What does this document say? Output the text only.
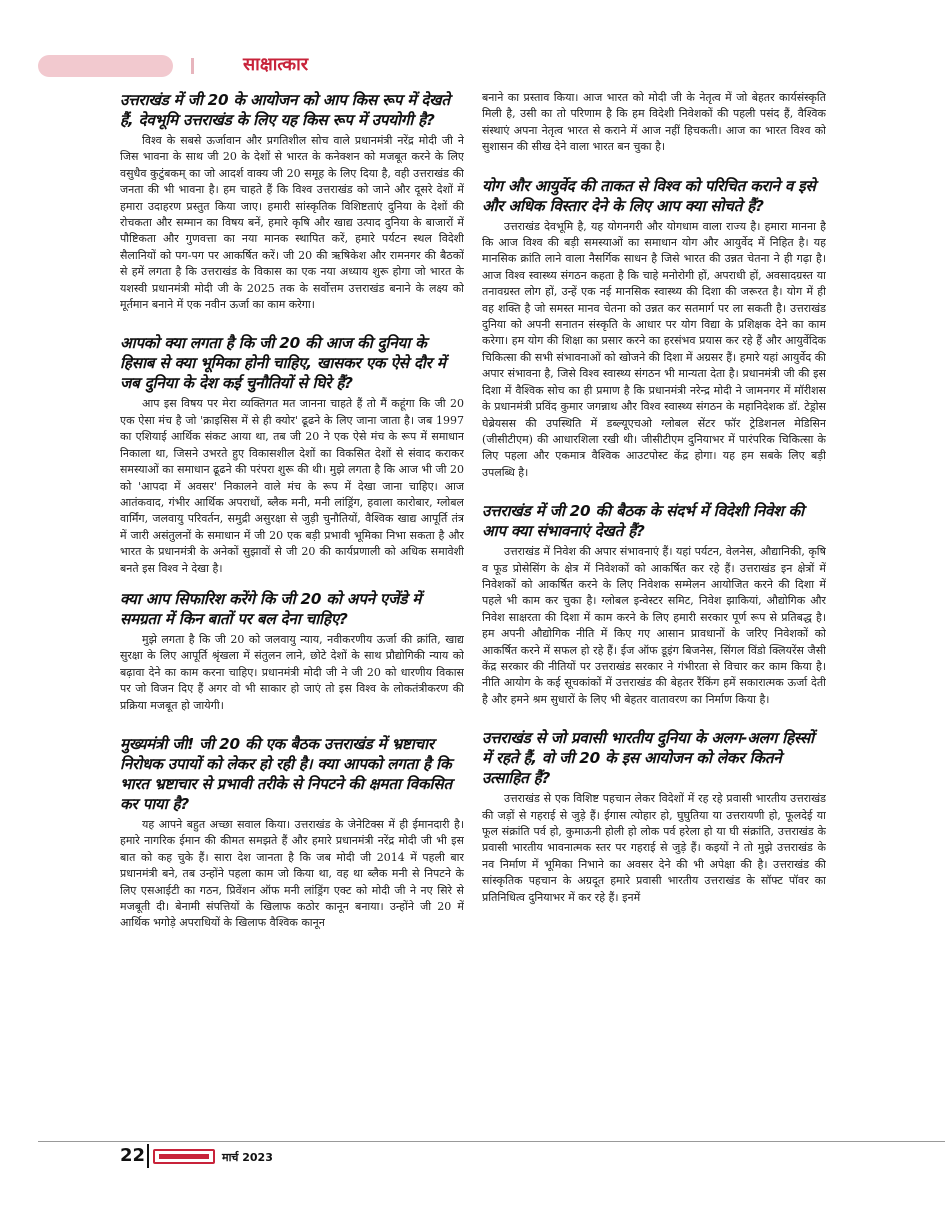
साक्षात्कार
उत्तराखंड में जी 20 के आयोजन को आप किस रूप में देखते हैं, देवभूमि उत्तराखंड के लिए यह किस रूप में उपयोगी है?
विश्व के सबसे ऊर्जावान और प्रगतिशील सोच वाले प्रधानमंत्री नरेंद्र मोदी जी ने जिस भावना के साथ जी 20 के देशों से भारत के कनेक्शन को मजबूत करने के लिए वसुधैव कुटुंबकम् का जो आदर्श वाक्य जी 20 समूह के लिए दिया है, वही उत्तराखंड की जनता की भी भावना है। हम चाहते हैं कि विश्व उत्तराखंड को जाने और दूसरे देशों में हमारा उदाहरण प्रस्तुत किया जाए। हमारी सांस्कृतिक विशिष्टताएं दुनिया के देशों की रोचकता और सम्मान का विषय बनें, हमारे कृषि और खाद्य उत्पाद दुनिया के बाजारों में पौष्टिकता और गुणवत्ता का नया मानक स्थापित करें, हमारे पर्यटन स्थल विदेशी सैलानियों को पग-पग पर आकर्षित करें। जी 20 की ऋषिकेश और रामनगर की बैठकों से हमें लगता है कि उत्तराखंड के विकास का एक नया अध्याय शुरू होगा जो भारत के यशस्वी प्रधानमंत्री मोदी जी के 2025 तक के सर्वोत्तम उत्तराखंड बनाने के लक्ष्य को मूर्तमान बनाने में एक नवीन ऊर्जा का काम करेगा।
आपको क्या लगता है कि जी 20 की आज की दुनिया के हिसाब से क्या भूमिका होनी चाहिए, खासकर एक ऐसे दौर में जब दुनिया के देश कई चुनौतियों से घिरे हैं?
आप इस विषय पर मेरा व्यक्तिगत मत जानना चाहते हैं तो मैं कहूंगा कि जी 20 एक ऐसा मंच है जो 'क्राइसिस में से ही क्योर' ढूढने के लिए जाना जाता है। जब 1997 का एशियाई आर्थिक संकट आया था, तब जी 20 ने एक ऐसे मंच के रूप में समाधान निकाला था, जिसने उभरते हुए विकासशील देशों का विकसित देशों से संवाद कराकर समस्याओं का समाधान ढूढने की परंपरा शुरू की थी। मुझे लगता है कि आज भी जी 20 को 'आपदा में अवसर' निकालने वाले मंच के रूप में देखा जाना चाहिए। आज आतंकवाद, गंभीर आर्थिक अपराधों, ब्लैक मनी, मनी लांड्रिंग, हवाला कारोबार, ग्लोबल वार्मिंग, जलवायु परिवर्तन, समुद्री असुरक्षा से जुड़ी चुनौतियों, वैश्विक खाद्य आपूर्ति तंत्र में जारी असंतुलनों के समाधान में जी 20 एक बड़ी प्रभावी भूमिका निभा सकता है और भारत के प्रधानमंत्री के अनेकों सुझावों से जी 20 की कार्यप्रणाली को अधिक समावेशी बनते इस विश्व ने देखा है।
क्या आप सिफारिश करेंगे कि जी 20 को अपने एजेंडे में समग्रता में किन बातों पर बल देना चाहिए?
मुझे लगता है कि जी 20 को जलवायु न्याय, नवीकरणीय ऊर्जा की क्रांति, खाद्य सुरक्षा के लिए आपूर्ति श्रृंखला में संतुलन लाने, छोटे देशों के साथ प्रौद्योगिकी न्याय को बढ़ावा देने का काम करना चाहिए। प्रधानमंत्री मोदी जी ने जी 20 को धारणीय विकास पर जो विजन दिए हैं अगर वो भी साकार हो जाएं तो इस विश्व के लोकतंत्रीकरण की प्रक्रिया मजबूत हो जायेगी।
मुख्यमंत्री जी! जी 20 की एक बैठक उत्तराखंड में भ्रष्टाचार निरोधक उपायों को लेकर हो रही है। क्या आपको लगता है कि भारत भ्रष्टाचार से प्रभावी तरीके से निपटने की क्षमता विकसित कर पाया है?
यह आपने बहुत अच्छा सवाल किया। उत्तराखंड के जेनेटिक्स में ही ईमानदारी है। हमारे नागरिक ईमान की कीमत समझते हैं और हमारे प्रधानमंत्री नरेंद्र मोदी जी भी इस बात को कह चुके हैं। सारा देश जानता है कि जब मोदी जी 2014 में पहली बार प्रधानमंत्री बने, तब उन्होंने पहला काम जो किया था, वह था ब्लैक मनी से निपटने के लिए एसआईटी का गठन, प्रिवेंशन ऑफ मनी लांड्रिंग एक्ट को मोदी जी ने नए सिरे से मजबूती दी। बेनामी संपत्तियों के खिलाफ कठोर कानून बनाया। उन्होंने जी 20 में आर्थिक भगोड़े अपराधियों के खिलाफ वैश्विक कानून
बनाने का प्रस्ताव किया। आज भारत को मोदी जी के नेतृत्व में जो बेहतर कार्यसंस्कृति मिली है, उसी का तो परिणाम है कि हम विदेशी निवेशकों की पहली पसंद हैं, वैश्विक संस्थाएं अपना नेतृत्व भारत से कराने में आज नहीं हिचकती। आज का भारत विश्व को सुशासन की सीख देने वाला भारत बन चुका है।
योग और आयुर्वेद की ताकत से विश्व को परिचित कराने व इसे और अधिक विस्तार देने के लिए आप क्या सोचते हैं?
उत्तराखंड देवभूमि है, यह योगनगरी और योगधाम वाला राज्य है। हमारा मानना है कि आज विश्व की बड़ी समस्याओं का समाधान योग और आयुर्वेद में निहित है। यह मानसिक क्रांति लाने वाला नैसर्गिक साधन है जिसे भारत की उन्नत चेतना ने ही गढ़ा है। आज विश्व स्वास्थ्य संगठन कहता है कि चाहे मनोरोगी हों, अपराधी हों, अवसादग्रस्त या तनावग्रस्त लोग हों, उन्हें एक नई मानसिक स्वास्थ्य की दिशा की जरूरत है। योग में ही वह शक्ति है जो समस्त मानव चेतना को उन्नत कर सतमार्ग पर ला सकती है। उत्तराखंड दुनिया को अपनी सनातन संस्कृति के आधार पर योग विद्या के प्रशिक्षक देने का काम करेगा। हम योग की शिक्षा का प्रसार करने का हरसंभव प्रयास कर रहे हैं और आयुर्वेदिक चिकित्सा की सभी संभावनाओं को खोजने की दिशा में अग्रसर हैं। हमारे यहां आयुर्वेद की अपार संभावना है, जिसे विश्व स्वास्थ्य संगठन भी मान्यता देता है। प्रधानमंत्री जी की इस दिशा में वैश्विक सोच का ही प्रमाण है कि प्रधानमंत्री नरेन्द्र मोदी ने जामनगर में मॉरीशस के प्रधानमंत्री प्रविंद कुमार जगन्नाथ और विश्व स्वास्थ्य संगठन के महानिदेशक डॉ. टेड्रोस घेब्रेयसस की उपस्थिति में डब्ल्यूएचओ ग्लोबल सेंटर फॉर ट्रेडिशनल मेडिसिन (जीसीटीएम) की आधारशिला रखी थी। जीसीटीएम दुनियाभर में पारंपरिक चिकित्सा के लिए पहला और एकमात्र वैश्विक आउटपोस्ट केंद्र होगा। यह हम सबके लिए बड़ी उपलब्धि है।
उत्तराखंड में जी 20 की बैठक के संदर्भ में विदेशी निवेश की आप क्या संभावनाएं देखते हैं?
उत्तराखंड में निवेश की अपार संभावनाएं हैं। यहां पर्यटन, वेलनेस, औद्यानिकी, कृषि व फूड प्रोसेसिंग के क्षेत्र में निवेशकों को आकर्षित कर रहे हैं। उत्तराखंड इन क्षेत्रों में निवेशकों को आकर्षित करने के लिए निवेशक सम्मेलन आयोजित करने की दिशा में पहले भी काम कर चुका है। ग्लोबल इन्वेस्टर समिट, निवेश झाकियां, औद्योगिक और निवेश साक्षरता की दिशा में काम करने के लिए हमारी सरकार पूर्ण रूप से प्रतिबद्ध है। हम अपनी औद्योगिक नीति में किए गए आसान प्रावधानों के जरिए निवेशकों को आकर्षित करने में सफल हो रहे हैं। ईज ऑफ डूइंग बिजनेस, सिंगल विंडो क्लियरेंस जैसी केंद्र सरकार की नीतियों पर उत्तराखंड सरकार ने गंभीरता से विचार कर काम किया है। नीति आयोग के कई सूचकांकों में उत्तराखंड की बेहतर रैंकिंग हमें सकारात्मक ऊर्जा देती है और हमने श्रम सुधारों के लिए भी बेहतर वातावरण का निर्माण किया है।
उत्तराखंड से जो प्रवासी भारतीय दुनिया के अलग-अलग हिस्सों में रहते हैं, वो जी 20 के इस आयोजन को लेकर कितने उत्साहित हैं?
उत्तराखंड से एक विशिष्ट पहचान लेकर विदेशों में रह रहे प्रवासी भारतीय उत्तराखंड की जड़ों से गहराई से जुड़े हैं। ईगास त्योहार हो, घुघुतिया या उत्तरायणी हो, फूलदेई या फूल संक्रांति पर्व हो, कुमाऊनी होली हो लोक पर्व हरेला हो या घी संक्रांति, उत्तराखंड के प्रवासी भारतीय भावनात्मक स्तर पर गहराई से जुड़े हैं। कइयों ने तो मुझे उत्तराखंड के नव निर्माण में भूमिका निभाने का अवसर देने की भी अपेक्षा की है। उत्तराखंड की सांस्कृतिक पहचान के अग्रदूत हमारे प्रवासी भारतीय उत्तराखंड के सॉफ्ट पॉवर का प्रतिनिधित्व दुनियाभर में कर रहे हैं। इनमें
22	मार्च 2023
